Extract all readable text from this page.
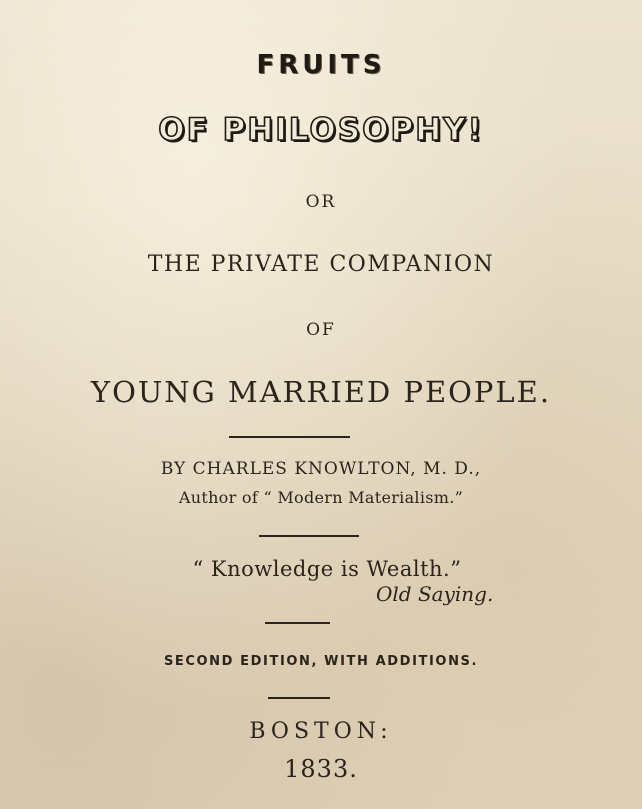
FRUITS
OF PHILOSOPHY!
OR
THE PRIVATE COMPANION
OF
YOUNG MARRIED PEOPLE.
BY CHARLES KNOWLTON, M. D.,
Author of “ Modern Materialism.”
“ Knowledge is Wealth.”
Old Saying.
SECOND EDITION, WITH ADDITIONS.
BOSTON:
1833.
